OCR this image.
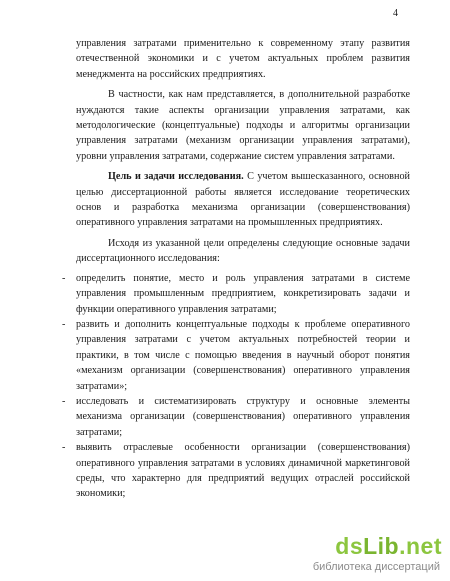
4

управления затратами применительно к современному этапу развития отечественной экономики и с учетом актуальных проблем развития менеджмента на российских предприятиях.

В частности, как нам представляется, в дополнительной разработке нуждаются такие аспекты организации управления затратами, как методологические (концептуальные) подходы и алгоритмы организации управления затратами (механизм организации управления затратами), уровни управления затратами, содержание систем управления затратами.

Цель и задачи исследования. С учетом вышесказанного, основной целью диссертационной работы является исследование теоретических основ и разработка механизма организации (совершенствования) оперативного управления затратами на промышленных предприятиях.

Исходя из указанной цели определены следующие основные задачи диссертационного исследования:

- определить понятие, место и роль управления затратами в системе управления промышленным предприятием, конкретизировать задачи и функции оперативного управления затратами;
- развить и дополнить концептуальные подходы к проблеме оперативного управления затратами с учетом актуальных потребностей теории и практики, в том числе с помощью введения в научный оборот понятия «механизм организации (совершенствования) оперативного управления затратами»;
- исследовать и систематизировать структуру и основные элементы механизма организации (совершенствования) оперативного управления затратами;
- выявить отраслевые особенности организации (совершенствования) оперативного управления затратами в условиях динамичной маркетинговой среды, что характерно для предприятий ведущих отраслей российской экономики;
dsLib.net
библиотека диссертаций
